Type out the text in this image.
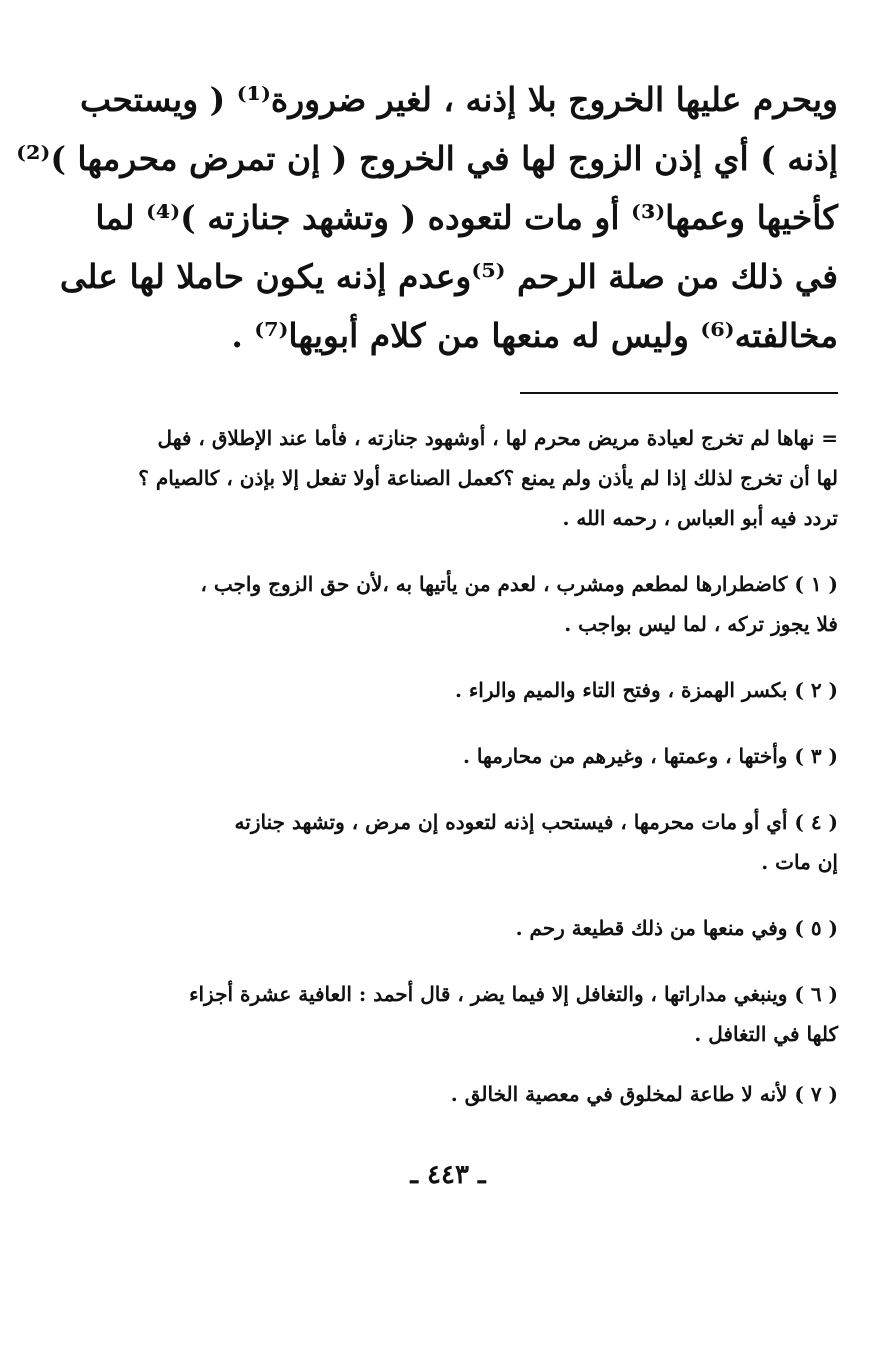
ويحرم عليها الخروج بلا إذنه ، لغير ضرورة⁽¹⁾ ( ويستحب
إذنه ) أي إذن الزوج لها في الخروج ( إن تمرض محرمها )⁽²⁾
كأخيها وعمها⁽³⁾ أو مات لتعوده ( وتشهد جنازته )⁽⁴⁾ لما
في ذلك من صلة الرحم ⁽⁵⁾وعدم إذنه يكون حاملا لها على
مخالفته⁽⁶⁾ وليس له منعها من كلام أبويها⁽⁷⁾ .
= نهاها لم تخرج لعيادة مريض محرم لها ، أوشهود جنازته ، فأما عند الإطلاق ، فهل
لها أن تخرج لذلك إذا لم يأذن ولم يمنع ؟كعمل الصناعة أولا تفعل إلا بإذن ، كالصيام ؟
تردد فيه أبو العباس ، رحمه الله .
( ١ ) كاضطرارها لمطعم ومشرب ، لعدم من يأتيها به ،لأن حق الزوج واجب ،
فلا يجوز تركه ، لما ليس بواجب .
( ٢ ) بكسر الهمزة ، وفتح التاء والميم والراء .
( ٣ ) وأختها ، وعمتها ، وغيرهم من محارمها .
( ٤ ) أي أو مات محرمها ، فيستحب إذنه لتعوده إن مرض ، وتشهد جنازته
إن مات .
( ٥ ) وفي منعها من ذلك قطيعة رحم .
( ٦ ) وينبغي مداراتها ، والتغافل إلا فيما يضر ، قال أحمد : العافية عشرة أجزاء
كلها في التغافل .
( ٧ ) لأنه لا طاعة لمخلوق في معصية الخالق .
ـ ٤٤٣ ـ
